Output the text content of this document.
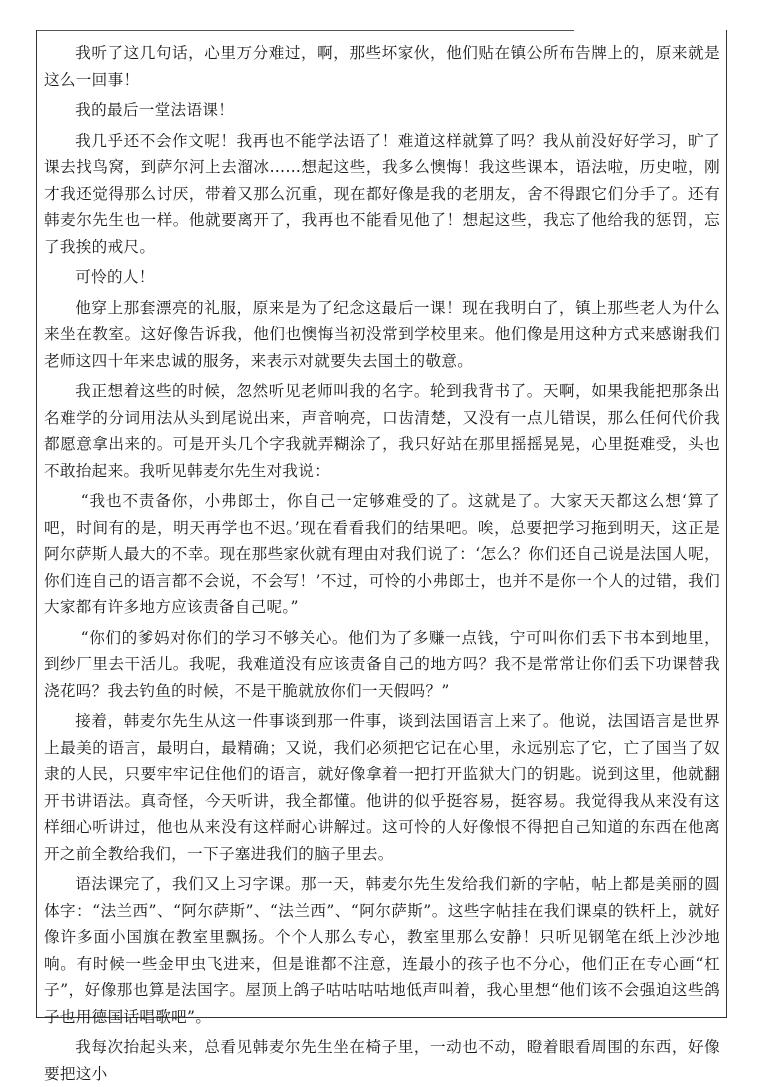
我听了这几句话，心里万分难过，啊，那些坏家伙，他们贴在镇公所布告牌上的，原来就是这么一回事！

我的最后一堂法语课！

我几乎还不会作文呢！我再也不能学法语了！难道这样就算了吗？我从前没好好学习，旷了课去找鸟窝，到萨尔河上去溜冰……想起这些，我多么懊悔！我这些课本，语法啦，历史啦，刚才我还觉得那么讨厌，带着又那么沉重，现在都好像是我的老朋友，舍不得跟它们分手了。还有韩麦尔先生也一样。他就要离开了，我再也不能看见他了！想起这些，我忘了他给我的惩罚，忘了我挨的戒尺。

可怜的人！

他穿上那套漂亮的礼服，原来是为了纪念这最后一课！现在我明白了，镇上那些老人为什么来坐在教室。这好像告诉我，他们也懊悔当初没常到学校里来。他们像是用这种方式来感谢我们老师这四十年来忠诚的服务，来表示对就要失去国土的敬意。

我正想着这些的时候，忽然听见老师叫我的名字。轮到我背书了。天啊，如果我能把那条出名难学的分词用法从头到尾说出来，声音响亮，口齿清楚，又没有一点儿错误，那么任何代价我都愿意拿出来的。可是开头几个字我就弄糊涂了，我只好站在那里摇摇晃晃，心里挺难受，头也不敢抬起来。我听见韩麦尔先生对我说：

“我也不责备你，小弗郎士，你自己一定够难受的了。这就是了。大家天天都这么想‘算了吧，时间有的是，明天再学也不迟。’现在看看我们的结果吧。唉，总要把学习拖到明天，这正是阿尔萨斯人最大的不幸。现在那些家伙就有理由对我们说了：‘怎么？你们还自己说是法国人呢，你们连自己的语言都不会说，不会写！’不过，可怜的小弗郎士，也并不是你一个人的过错，我们大家都有许多地方应该责备自己呢。”

“你们的爹妈对你们的学习不够关心。他们为了多赚一点钱，宁可叫你们丢下书本到地里，到纱厂里去干活儿。我呢，我难道没有应该责备自己的地方吗？我不是常常让你们丢下功课替我浇花吗？我去钓鱼的时候，不是干脆就放你们一天假吗？”

接着，韩麦尔先生从这一件事谈到那一件事，谈到法国语言上来了。他说，法国语言是世界上最美的语言，最明白，最精确；又说，我们必须把它记在心里，永远别忘了它，亡了国当了奴隶的人民，只要牢牢记住他们的语言，就好像拿着一把打开监狱大门的钥匙。说到这里，他就翻开书讲语法。真奇怪，今天听讲，我全都懂。他讲的似乎挺容易，挺容易。我觉得我从来没有这样细心听讲过，他也从来没有这样耐心讲解过。这可怜的人好像恨不得把自己知道的东西在他离开之前全教给我们，一下子塞进我们的脑子里去。

语法课完了，我们又上习字课。那一天，韩麦尔先生发给我们新的字帖，帖上都是美丽的圆体字：“法兰西”、“阿尔萨斯”、“法兰西”、“阿尔萨斯”。这些字帖挂在我们课桌的铁杆上，就好像许多面小国旗在教室里飘扬。个个人那么专心，教室里那么安静！只听见钢笔在纸上沙沙地响。有时候一些金甲虫飞进来，但是谁都不注意，连最小的孩子也不分心，他们正在专心画“杠子”，好像那也算是法国字。屋顶上鸽子咕咕咕咕地低声叫着，我心里想“他们该不会强迫这些鸽子也用德国话唱歌吧”。

我每次抬起头来，总看见韩麦尔先生坐在椅子里，一动也不动，瞪着眼看周围的东西，好像要把这小
